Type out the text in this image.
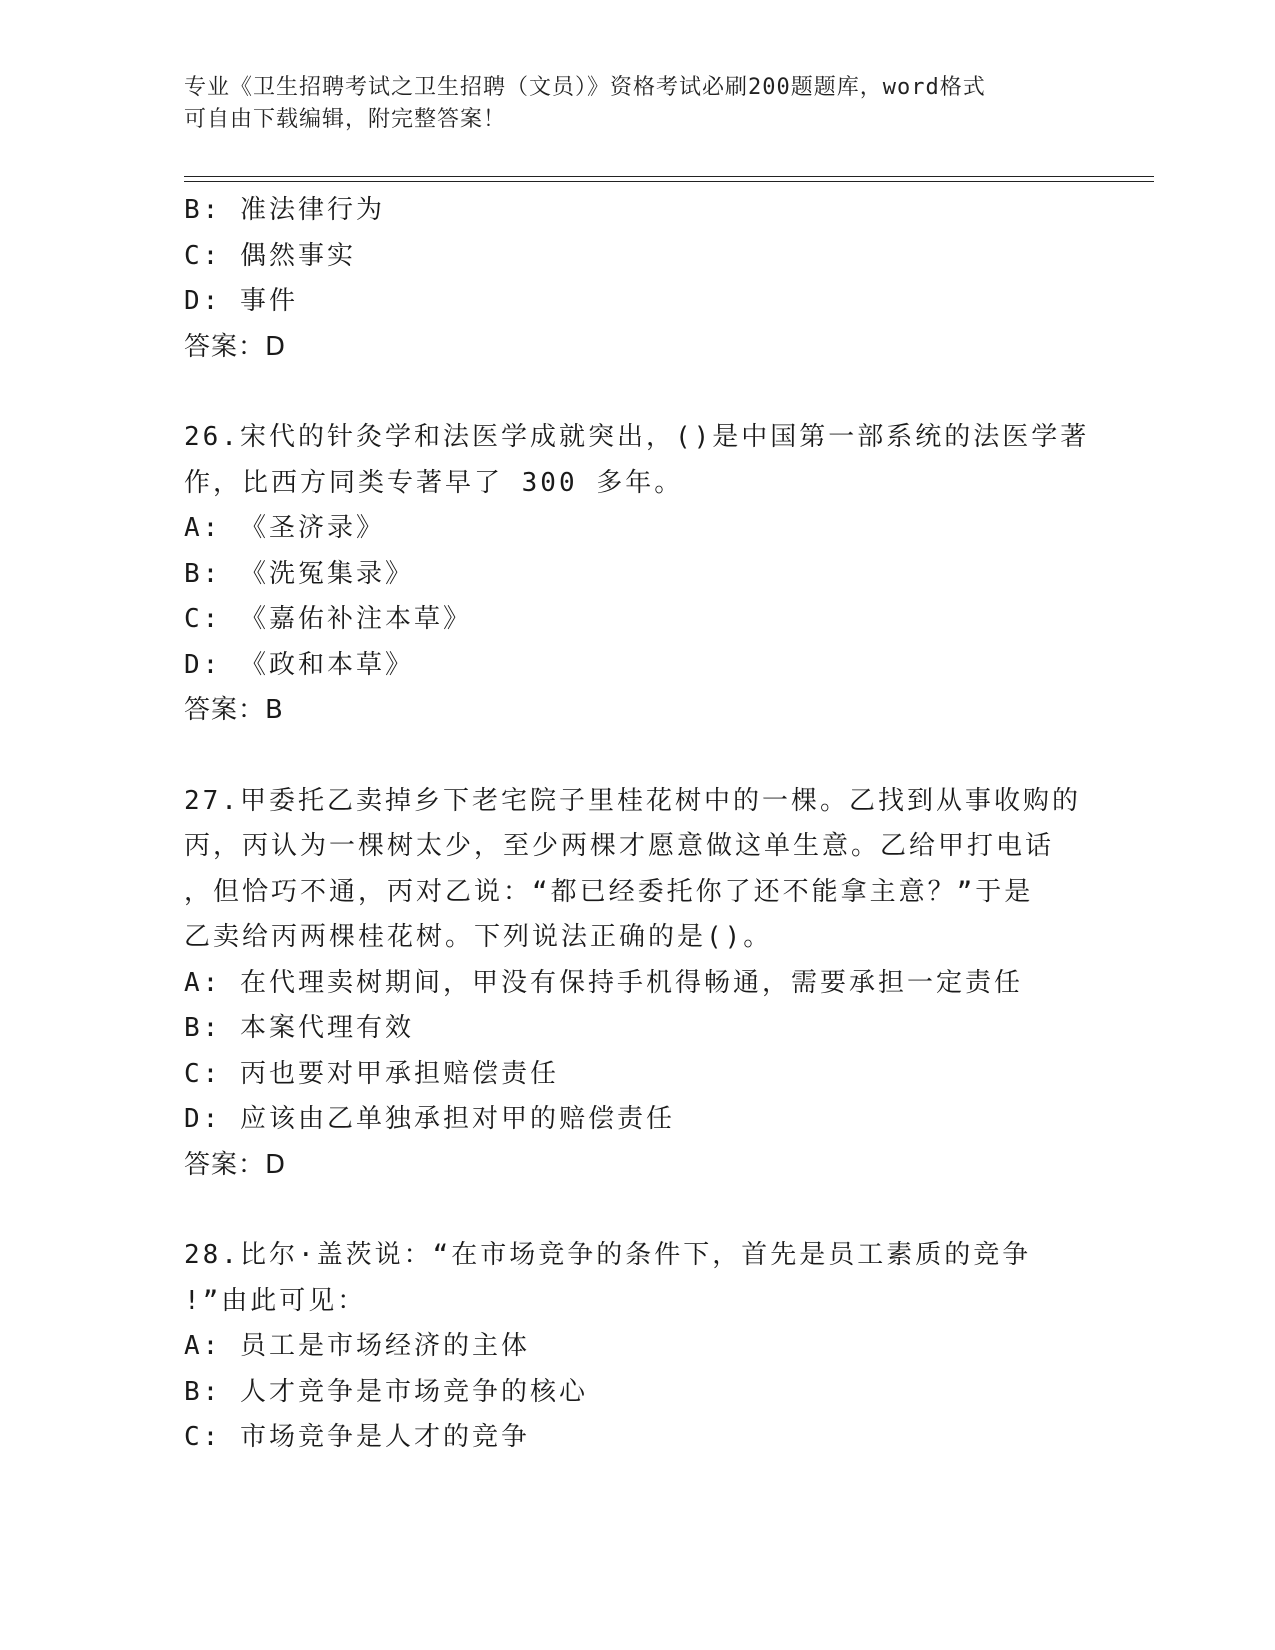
专业《卫生招聘考试之卫生招聘（文员）》资格考试必刷200题题库，word格式

可自由下载编辑，附完整答案！

B: 准法律行为

C: 偶然事实

D: 事件

答案：D

26.宋代的针灸学和法医学成就突出，()是中国第一部系统的法医学著

作，比西方同类专著早了 300 多年。

A: 《圣济录》

B: 《洗冤集录》

C: 《嘉佑补注本草》

D: 《政和本草》

答案：B

27.甲委托乙卖掉乡下老宅院子里桂花树中的一棵。乙找到从事收购的

丙，丙认为一棵树太少，至少两棵才愿意做这单生意。乙给甲打电话

，但恰巧不通，丙对乙说：“都已经委托你了还不能拿主意？”于是

乙卖给丙两棵桂花树。下列说法正确的是()。

A: 在代理卖树期间，甲没有保持手机得畅通，需要承担一定责任

B: 本案代理有效

C: 丙也要对甲承担赔偿责任

D: 应该由乙单独承担对甲的赔偿责任

答案：D

28.比尔·盖茨说：“在市场竞争的条件下，首先是员工素质的竞争

!”由此可见：

A: 员工是市场经济的主体

B: 人才竞争是市场竞争的核心

C: 市场竞争是人才的竞争
